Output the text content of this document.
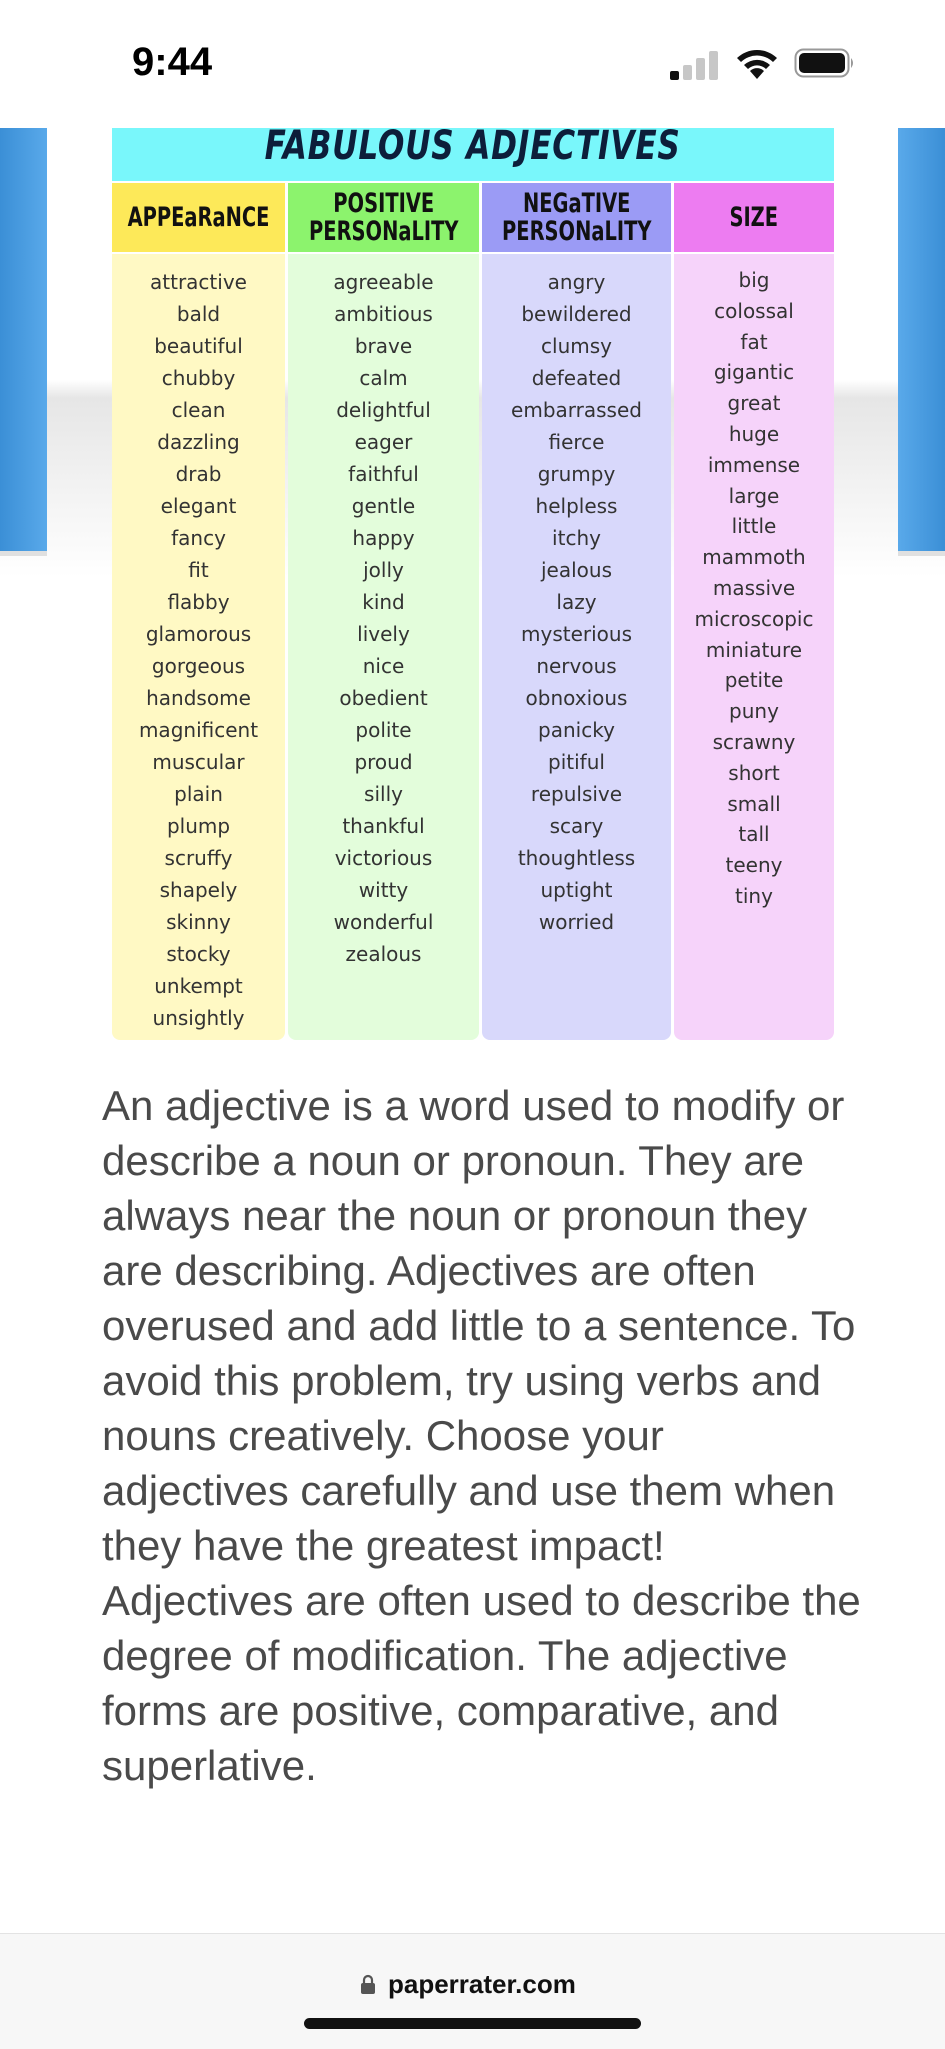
9:44
FABULOUS ADJECTIVES
APPEaRaNCE
attractive
bald
beautiful
chubby
clean
dazzling
drab
elegant
fancy
fit
flabby
glamorous
gorgeous
handsome
magnificent
muscular
plain
plump
scruffy
shapely
skinny
stocky
unkempt
unsightly
POSITIVE
PERSONaLITY
agreeable
ambitious
brave
calm
delightful
eager
faithful
gentle
happy
jolly
kind
lively
nice
obedient
polite
proud
silly
thankful
victorious
witty
wonderful
zealous
NEGaTIVE
PERSONaLITY
angry
bewildered
clumsy
defeated
embarrassed
fierce
grumpy
helpless
itchy
jealous
lazy
mysterious
nervous
obnoxious
panicky
pitiful
repulsive
scary
thoughtless
uptight
worried
SIZE
big
colossal
fat
gigantic
great
huge
immense
large
little
mammoth
massive
microscopic
miniature
petite
puny
scrawny
short
small
tall
teeny
tiny

An adjective is a word used to modify or describe a noun or pronoun. They are always near the noun or pronoun they are describing. Adjectives are often overused and add little to a sentence. To avoid this problem, try using verbs and nouns creatively. Choose your adjectives carefully and use them when they have the greatest impact! Adjectives are often used to describe the degree of modification. The adjective forms are positive, comparative, and superlative.

paperrater.com
